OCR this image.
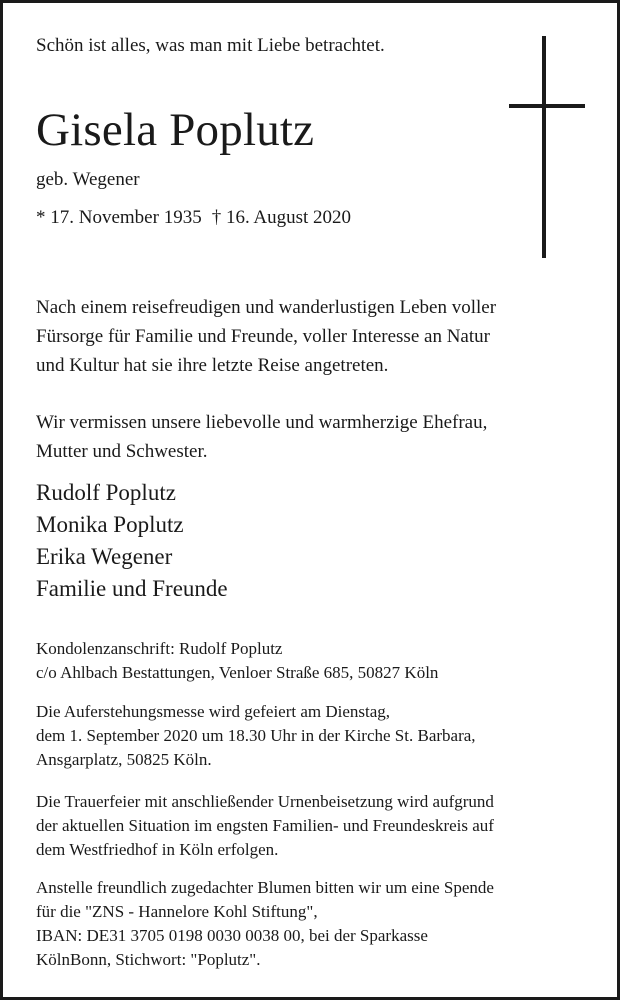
Schön ist alles, was man mit Liebe betrachtet.

Gisela Poplutz

geb. Wegener

* 17. November 1935 † 16. August 2020

Nach einem reisefreudigen und wanderlustigen Leben voller
Fürsorge für Familie und Freunde, voller Interesse an Natur
und Kultur hat sie ihre letzte Reise angetreten.

Wir vermissen unsere liebevolle und warmherzige Ehefrau,
Mutter und Schwester.

Rudolf Poplutz
Monika Poplutz
Erika Wegener
Familie und Freunde

Kondolenzanschrift: Rudolf Poplutz
c/o Ahlbach Bestattungen, Venloer Straße 685, 50827 Köln

Die Auferstehungsmesse wird gefeiert am Dienstag,
dem 1. September 2020 um 18.30 Uhr in der Kirche St. Barbara,
Ansgarplatz, 50825 Köln.

Die Trauerfeier mit anschließender Urnenbeisetzung wird aufgrund
der aktuellen Situation im engsten Familien- und Freundeskreis auf
dem Westfriedhof in Köln erfolgen.

Anstelle freundlich zugedachter Blumen bitten wir um eine Spende
für die "ZNS - Hannelore Kohl Stiftung",
IBAN: DE31 3705 0198 0030 0038 00, bei der Sparkasse
KölnBonn, Stichwort: "Poplutz".
